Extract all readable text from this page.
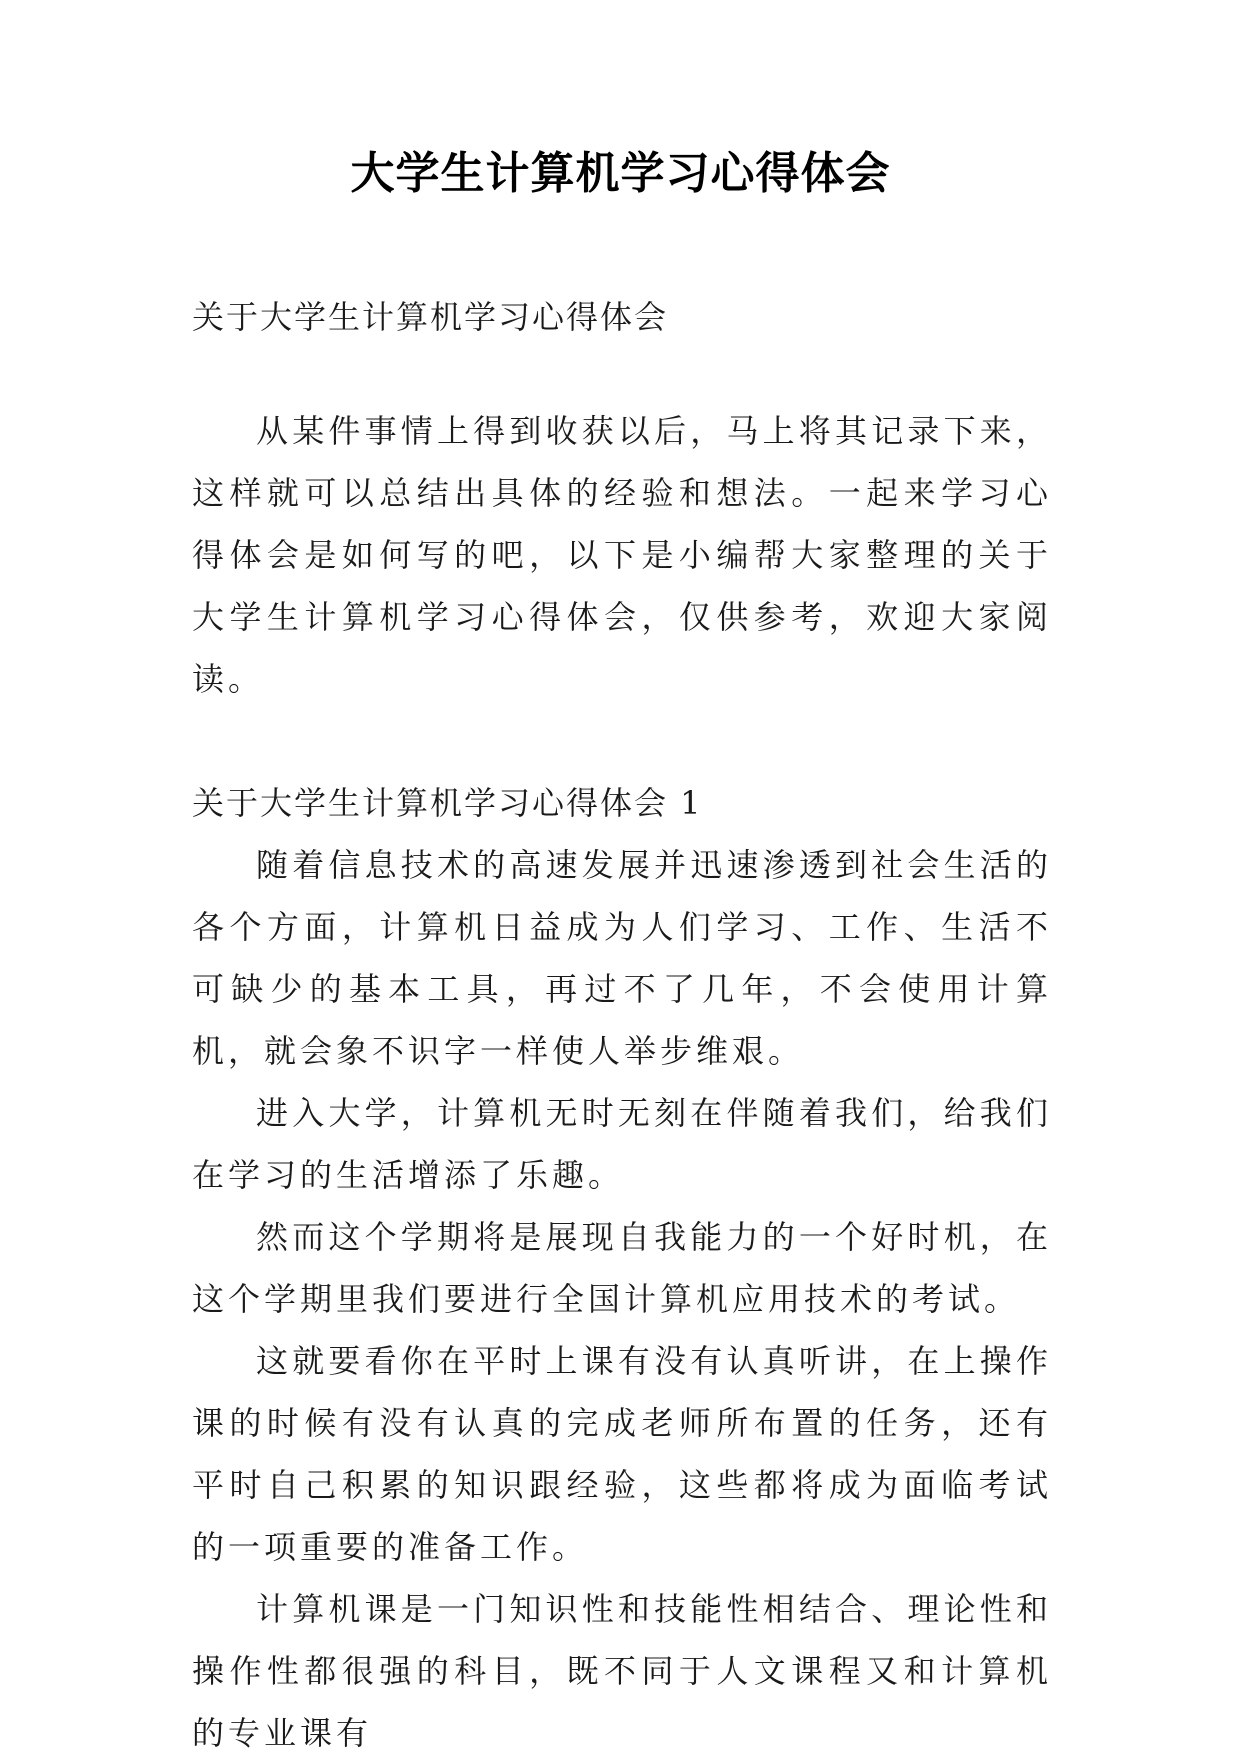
大学生计算机学习心得体会

关于大学生计算机学习心得体会

从某件事情上得到收获以后，马上将其记录下来，这样就可以总结出具体的经验和想法。一起来学习心得体会是如何写的吧，以下是小编帮大家整理的关于大学生计算机学习心得体会，仅供参考，欢迎大家阅读。

关于大学生计算机学习心得体会 1

随着信息技术的高速发展并迅速渗透到社会生活的各个方面，计算机日益成为人们学习、工作、生活不可缺少的基本工具，再过不了几年，不会使用计算机，就会象不识字一样使人举步维艰。

进入大学，计算机无时无刻在伴随着我们，给我们在学习的生活增添了乐趣。

然而这个学期将是展现自我能力的一个好时机，在这个学期里我们要进行全国计算机应用技术的考试。

这就要看你在平时上课有没有认真听讲，在上操作课的时候有没有认真的完成老师所布置的任务，还有平时自己积累的知识跟经验，这些都将成为面临考试的一项重要的准备工作。

计算机课是一门知识性和技能性相结合、理论性和操作性都很强的科目，既不同于人文课程又和计算机的专业课有
